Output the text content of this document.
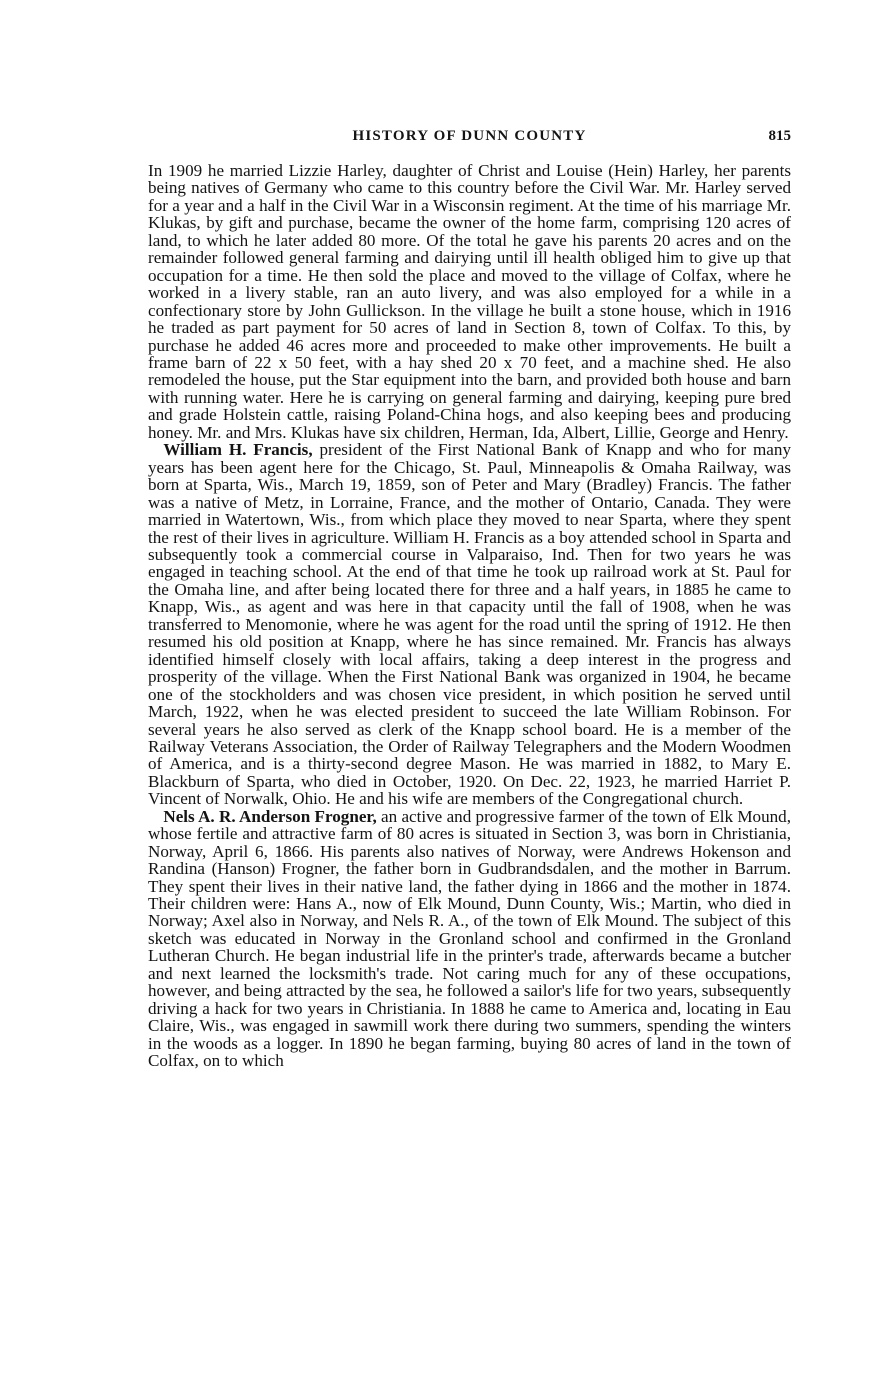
HISTORY OF DUNN COUNTY	815

In 1909 he married Lizzie Harley, daughter of Christ and Louise (Hein) Harley, her parents being natives of Germany who came to this country before the Civil War. Mr. Harley served for a year and a half in the Civil War in a Wisconsin regiment. At the time of his marriage Mr. Klukas, by gift and purchase, became the owner of the home farm, comprising 120 acres of land, to which he later added 80 more. Of the total he gave his parents 20 acres and on the remainder followed general farming and dairying until ill health obliged him to give up that occupation for a time. He then sold the place and moved to the village of Colfax, where he worked in a livery stable, ran an auto livery, and was also employed for a while in a confectionary store by John Gullickson. In the village he built a stone house, which in 1916 he traded as part payment for 50 acres of land in Section 8, town of Colfax. To this, by purchase he added 46 acres more and proceeded to make other improvements. He built a frame barn of 22 x 50 feet, with a hay shed 20 x 70 feet, and a machine shed. He also remodeled the house, put the Star equipment into the barn, and provided both house and barn with running water. Here he is carrying on general farming and dairying, keeping pure bred and grade Holstein cattle, raising Poland-China hogs, and also keeping bees and producing honey. Mr. and Mrs. Klukas have six children, Herman, Ida, Albert, Lillie, George and Henry.

William H. Francis, president of the First National Bank of Knapp and who for many years has been agent here for the Chicago, St. Paul, Minneapolis & Omaha Railway, was born at Sparta, Wis., March 19, 1859, son of Peter and Mary (Bradley) Francis. The father was a native of Metz, in Lorraine, France, and the mother of Ontario, Canada. They were married in Watertown, Wis., from which place they moved to near Sparta, where they spent the rest of their lives in agriculture. William H. Francis as a boy attended school in Sparta and subsequently took a commercial course in Valparaiso, Ind. Then for two years he was engaged in teaching school. At the end of that time he took up railroad work at St. Paul for the Omaha line, and after being located there for three and a half years, in 1885 he came to Knapp, Wis., as agent and was here in that capacity until the fall of 1908, when he was transferred to Menomonie, where he was agent for the road until the spring of 1912. He then resumed his old position at Knapp, where he has since remained. Mr. Francis has always identified himself closely with local affairs, taking a deep interest in the progress and prosperity of the village. When the First National Bank was organized in 1904, he became one of the stockholders and was chosen vice president, in which position he served until March, 1922, when he was elected president to succeed the late William Robinson. For several years he also served as clerk of the Knapp school board. He is a member of the Railway Veterans Association, the Order of Railway Telegraphers and the Modern Woodmen of America, and is a thirty-second degree Mason. He was married in 1882, to Mary E. Blackburn of Sparta, who died in October, 1920. On Dec. 22, 1923, he married Harriet P. Vincent of Norwalk, Ohio. He and his wife are members of the Congregational church.

Nels A. R. Anderson Frogner, an active and progressive farmer of the town of Elk Mound, whose fertile and attractive farm of 80 acres is situated in Section 3, was born in Christiania, Norway, April 6, 1866. His parents also natives of Norway, were Andrews Hokenson and Randina (Hanson) Frogner, the father born in Gudbrandsdalen, and the mother in Barrum. They spent their lives in their native land, the father dying in 1866 and the mother in 1874. Their children were: Hans A., now of Elk Mound, Dunn County, Wis.; Martin, who died in Norway; Axel also in Norway, and Nels R. A., of the town of Elk Mound. The subject of this sketch was educated in Norway in the Gronland school and confirmed in the Gronland Lutheran Church. He began industrial life in the printer's trade, afterwards became a butcher and next learned the locksmith's trade. Not caring much for any of these occupations, however, and being attracted by the sea, he followed a sailor's life for two years, subsequently driving a hack for two years in Christiania. In 1888 he came to America and, locating in Eau Claire, Wis., was engaged in sawmill work there during two summers, spending the winters in the woods as a logger. In 1890 he began farming, buying 80 acres of land in the town of Colfax, on to which
